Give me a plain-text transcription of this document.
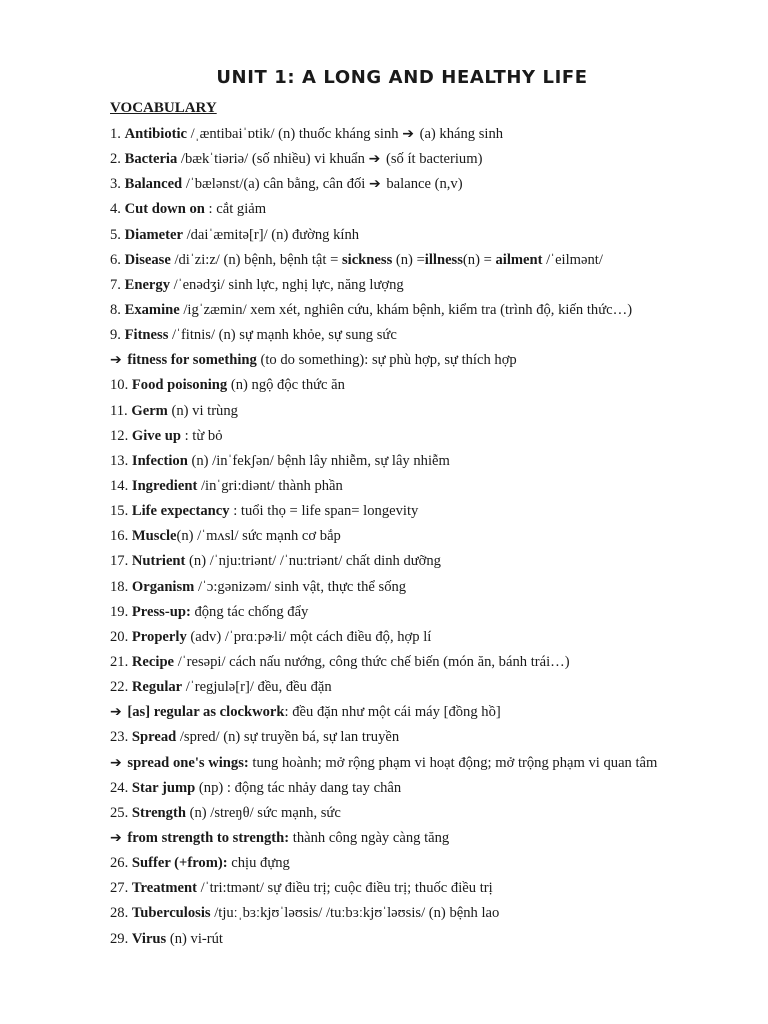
UNIT 1: A LONG AND HEALTHY LIFE
VOCABULARY
1. Antibiotic /ˌæntibaiˈɒtik/ (n) thuốc kháng sinh ➔ (a) kháng sinh
2. Bacteria /bækˈtiəriə/ (số nhiều) vi khuẩn ➔ (số ít bacterium)
3. Balanced /ˈbælənst/(a) cân bằng, cân đối ➔ balance (n,v)
4. Cut down on : cắt giảm
5. Diameter /daiˈæmitə[r]/ (n) đường kính
6. Disease /diˈzi:z/ (n) bệnh, bệnh tật = sickness (n) =illness(n) = ailment /ˈeilmənt/
7. Energy /ˈenədʒi/ sinh lực, nghị lực, năng lượng
8. Examine /igˈzæmin/ xem xét, nghiên cứu, khám bệnh, kiểm tra (trình độ, kiến thức…)
9. Fitness /ˈfitnis/ (n) sự mạnh khỏe, sự sung sức
➔ fitness for something (to do something): sự phù hợp, sự thích hợp
10. Food poisoning (n) ngộ độc thức ăn
11. Germ (n) vi trùng
12. Give up : từ bỏ
13. Infection (n) /inˈfekʃən/ bệnh lây nhiễm, sự lây nhiễm
14. Ingredient /inˈgri:diənt/ thành phần
15. Life expectancy : tuổi thọ = life span= longevity
16. Muscle(n) /ˈmʌsl/ sức mạnh cơ bắp
17. Nutrient (n) /ˈnju:triənt/ /ˈnu:triənt/ chất dinh dưỡng
18. Organism /ˈɔ:gənizəm/ sinh vật, thực thể sống
19. Press-up: động tác chống đẩy
20. Properly (adv) /ˈprɑːpɚli/ một cách điều độ, hợp lí
21. Recipe /ˈresəpi/ cách nấu nướng, công thức chế biến (món ăn, bánh trái…)
22. Regular /ˈregjulə[r]/ đều, đều đặn
➔ [as] regular as clockwork: đều đặn như một cái máy [đồng hồ]
23. Spread /spred/ (n) sự truyền bá, sự lan truyền
➔ spread one's wings: tung hoành; mở rộng phạm vi hoạt động; mở trộng phạm vi quan tâm
24. Star jump (np) : động tác nhảy dang tay chân
25. Strength (n) /streŋθ/ sức mạnh, sức
➔ from strength to strength: thành công ngày càng tăng
26. Suffer (+from): chịu đựng
27. Treatment /ˈtri:tmənt/ sự điều trị; cuộc điều trị; thuốc điều trị
28. Tuberculosis /tjuːˌbɜːkjʊˈləʊsis/ /tuːbɜːkjʊˈləʊsis/ (n) bệnh lao
29. Virus (n) vi-rút
